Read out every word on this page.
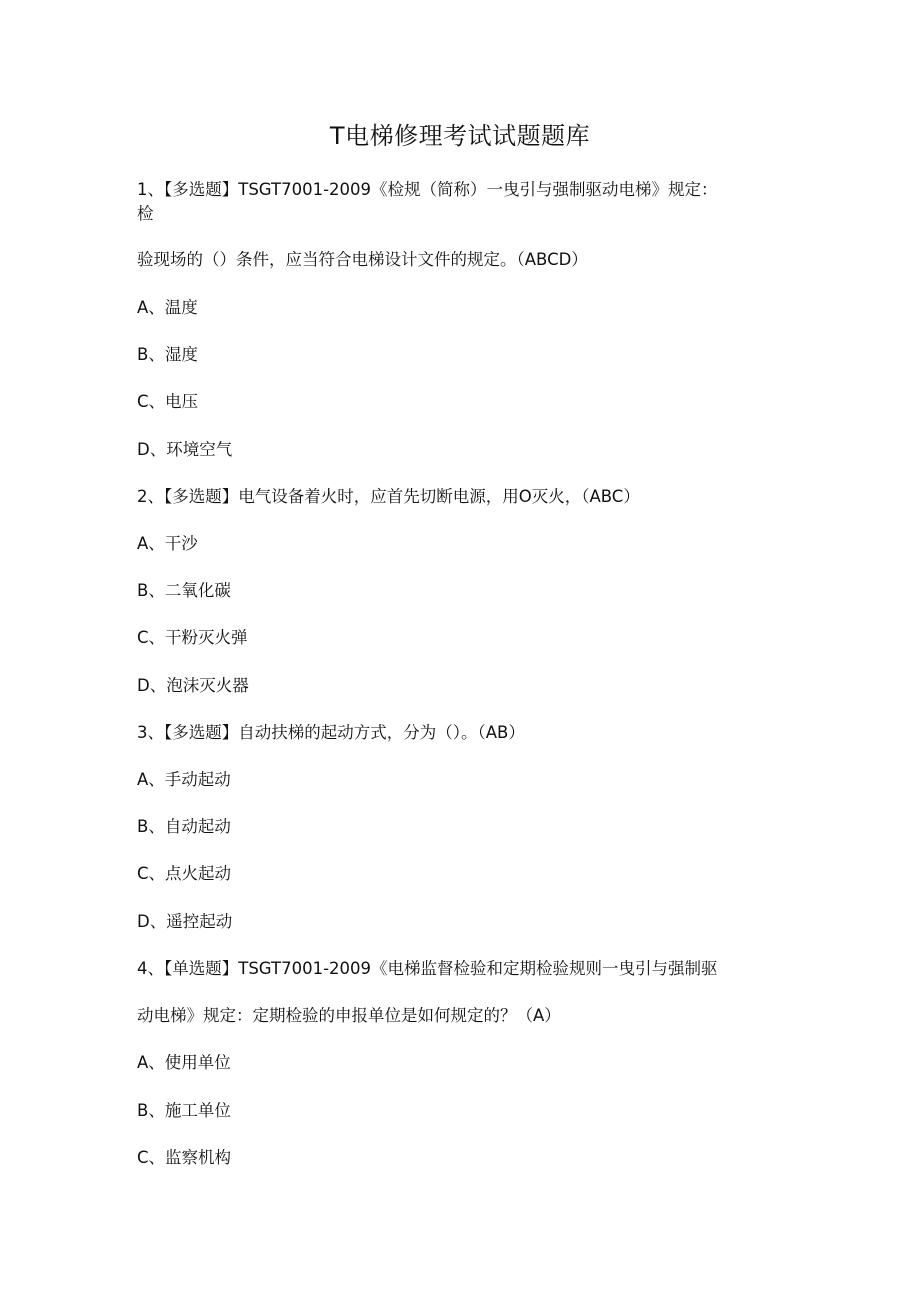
T电梯修理考试试题题库
1、【多选题】TSGT7001-2009《检规（简称）一曳引与强制驱动电梯》规定：
检
验现场的（）条件，应当符合电梯设计文件的规定。（ABCD）
A、温度
B、湿度
C、电压
D、环境空气
2、【多选题】电气设备着火时，应首先切断电源，用O灭火，（ABC）
A、干沙
B、二氧化碳
C、干粉灭火弹
D、泡沫灭火器
3、【多选题】自动扶梯的起动方式，分为（）。（AB）
A、手动起动
B、自动起动
C、点火起动
D、遥控起动
4、【单选题】TSGT7001-2009《电梯监督检验和定期检验规则一曳引与强制驱
动电梯》规定：定期检验的申报单位是如何规定的？（A）
A、使用单位
B、施工单位
C、监察机构
